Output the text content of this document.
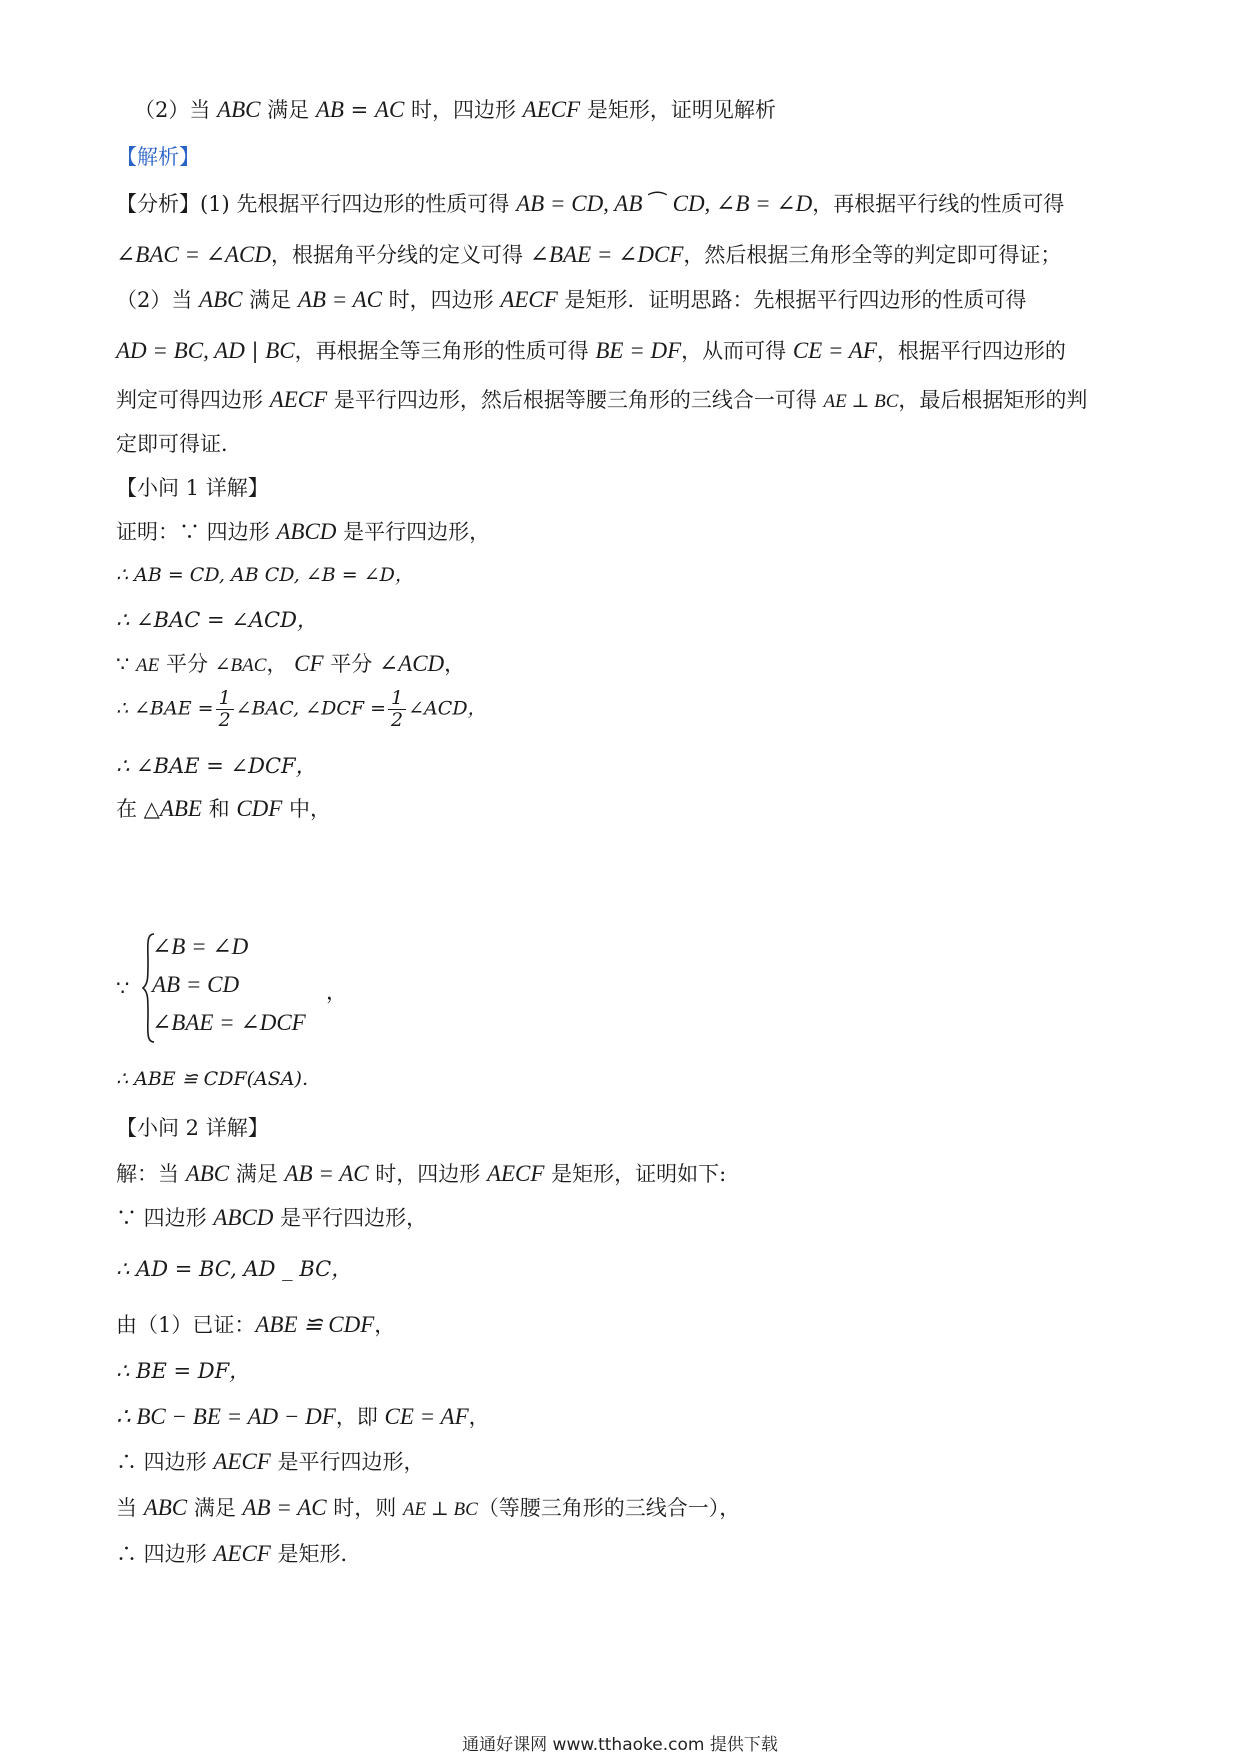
（2）当 ABC 满足 AB = AC 时，四边形 AECF 是矩形，证明见解析
【解析】
【分析】(1) 先根据平行四边形的性质可得 AB = CD, AB ⁀ CD, ∠B = ∠D，再根据平行线的性质可得
∠BAC = ∠ACD，根据角平分线的定义可得 ∠BAE = ∠DCF，然后根据三角形全等的判定即可得证；
（2）当 ABC 满足 AB = AC 时，四边形 AECF 是矩形．证明思路：先根据平行四边形的性质可得
AD = BC, AD | BC，再根据全等三角形的性质可得 BE = DF，从而可得 CE = AF，根据平行四边形的
判定可得四边形 AECF 是平行四边形，然后根据等腰三角形的三线合一可得 AE ⊥ BC，最后根据矩形的判
定即可得证．
【小问 1 详解】
证明：∵ 四边形 ABCD 是平行四边形，
∴ AB = CD, AB CD, ∠B = ∠D，
∴ ∠BAC = ∠ACD，
∵ AE 平分 ∠BAC， CF 平分 ∠ACD，
∴ ∠BAE = $\frac{1}{2}$ ∠BAC, ∠DCF = $\frac{1}{2}$ ∠ACD，
∴ ∠BAE = ∠DCF，
在 △ABE 和 CDF 中，
∵
∠B = ∠D
AB = CD
∠BAE = ∠DCF
，
∴ ABE ≌ CDF(ASA)．
【小问 2 详解】
解：当 ABC 满足 AB = AC 时，四边形 AECF 是矩形，证明如下:
∵ 四边形 ABCD 是平行四边形，
∴ AD = BC, AD _ BC，
由（1）已证：ABE ≌ CDF，
∴ BE = DF，
∴ BC − BE = AD − DF，即 CE = AF，
∴ 四边形 AECF 是平行四边形，
当 ABC 满足 AB = AC 时，则 AE ⊥ BC（等腰三角形的三线合一），
∴ 四边形 AECF 是矩形．
通通好课网 www.tthaoke.com 提供下载
